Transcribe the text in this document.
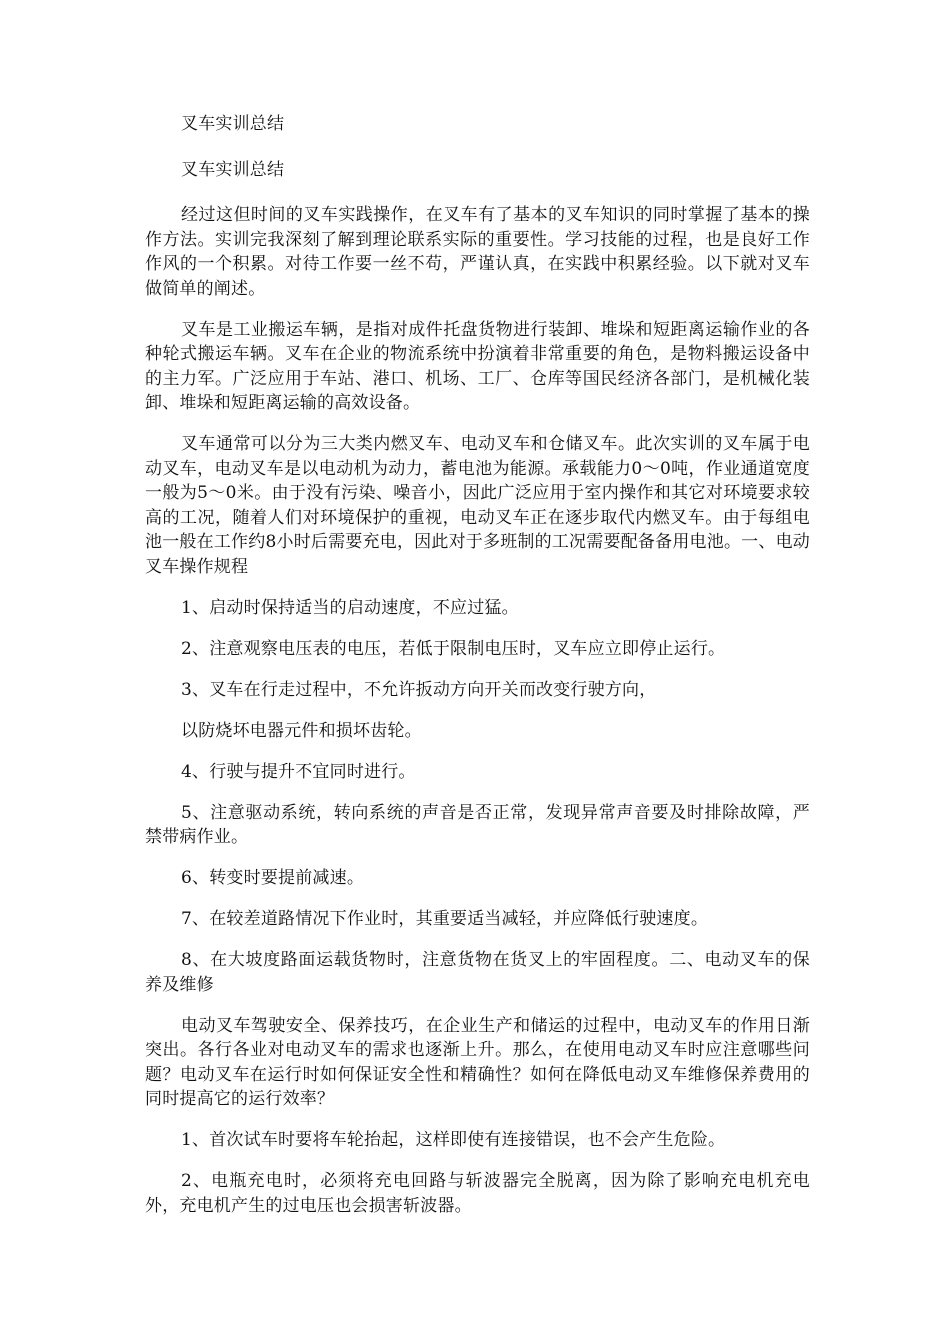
叉车实训总结

叉车实训总结

经过这但时间的叉车实践操作，在叉车有了基本的叉车知识的同时掌握了基本的操作方法。实训完我深刻了解到理论联系实际的重要性。学习技能的过程，也是良好工作作风的一个积累。对待工作要一丝不苟，严谨认真，在实践中积累经验。以下就对叉车做简单的阐述。

叉车是工业搬运车辆，是指对成件托盘货物进行装卸、堆垛和短距离运输作业的各种轮式搬运车辆。叉车在企业的物流系统中扮演着非常重要的角色，是物料搬运设备中的主力军。广泛应用于车站、港口、机场、工厂、仓库等国民经济各部门，是机械化装卸、堆垛和短距离运输的高效设备。

叉车通常可以分为三大类内燃叉车、电动叉车和仓储叉车。此次实训的叉车属于电动叉车，电动叉车是以电动机为动力，蓄电池为能源。承载能力0～0吨，作业通道宽度一般为5～0米。由于没有污染、噪音小，因此广泛应用于室内操作和其它对环境要求较高的工况，随着人们对环境保护的重视，电动叉车正在逐步取代内燃叉车。由于每组电池一般在工作约8小时后需要充电，因此对于多班制的工况需要配备备用电池。一、电动叉车操作规程

1、启动时保持适当的启动速度，不应过猛。

2、注意观察电压表的电压，若低于限制电压时，叉车应立即停止运行。

3、叉车在行走过程中，不允许扳动方向开关而改变行驶方向，

以防烧坏电器元件和损坏齿轮。

4、行驶与提升不宜同时进行。

5、注意驱动系统，转向系统的声音是否正常，发现异常声音要及时排除故障，严禁带病作业。

6、转变时要提前减速。

7、在较差道路情况下作业时，其重要适当减轻，并应降低行驶速度。

8、在大坡度路面运载货物时，注意货物在货叉上的牢固程度。二、电动叉车的保养及维修

电动叉车驾驶安全、保养技巧，在企业生产和储运的过程中，电动叉车的作用日渐突出。各行各业对电动叉车的需求也逐渐上升。那么，在使用电动叉车时应注意哪些问题？电动叉车在运行时如何保证安全性和精确性？如何在降低电动叉车维修保养费用的同时提高它的运行效率？

1、首次试车时要将车轮抬起，这样即使有连接错误，也不会产生危险。

2、电瓶充电时，必须将充电回路与斩波器完全脱离，因为除了影响充电机充电外，充电机产生的过电压也会损害斩波器。
